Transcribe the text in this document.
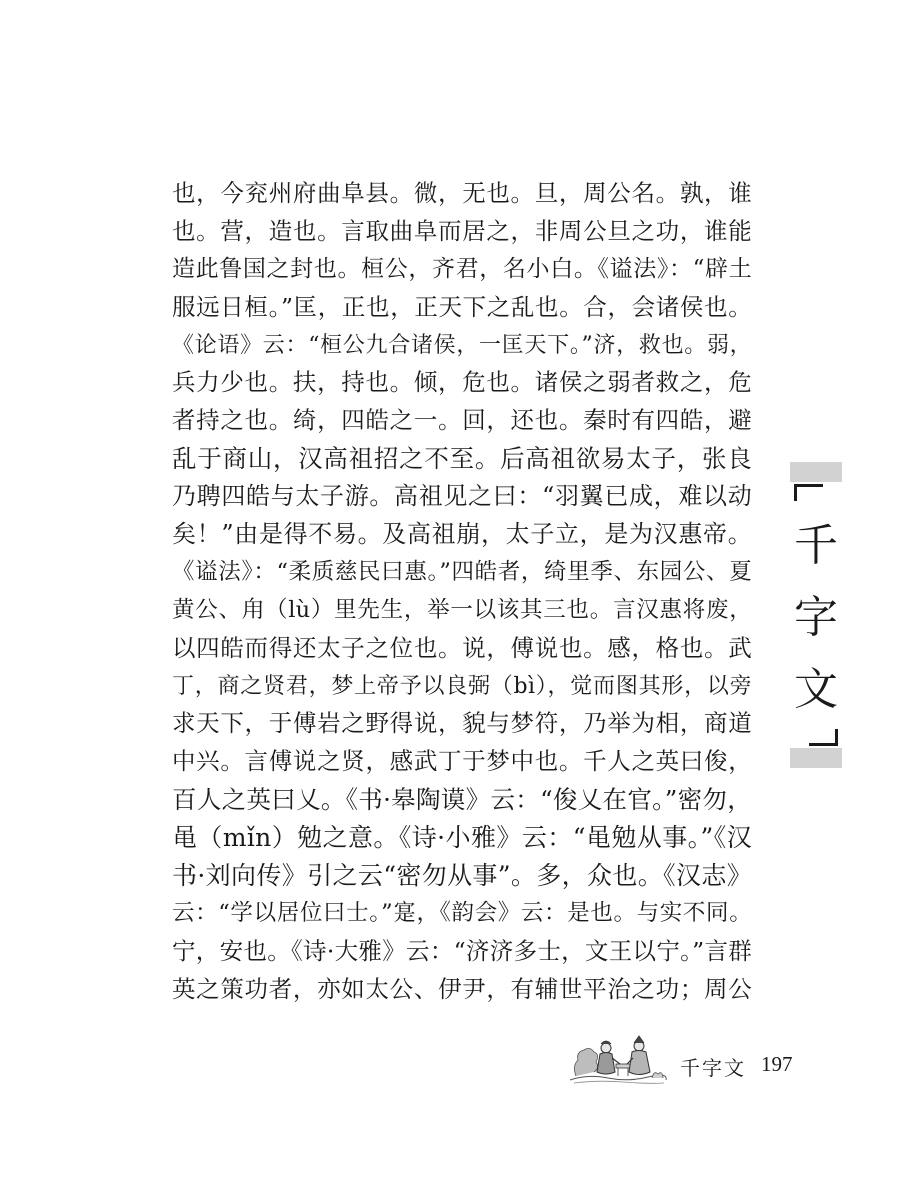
也，今兖州府曲阜县。微，无也。旦，周公名。孰，谁
也。营，造也。言取曲阜而居之，非周公旦之功，谁能
造此鲁国之封也。桓公，齐君，名小白。《谥法》：“辟土
服远日桓。”匡，正也，正天下之乱也。合，会诸侯也。
《论语》云：“桓公九合诸侯，一匡天下。”济，救也。弱，
兵力少也。扶，持也。倾，危也。诸侯之弱者救之，危
者持之也。绮，四皓之一。回，还也。秦时有四皓，避
乱于商山，汉高祖招之不至。后高祖欲易太子，张良
乃聘四皓与太子游。高祖见之曰：“羽翼已成，难以动
矣！”由是得不易。及高祖崩，太子立，是为汉惠帝。
《谥法》：“柔质慈民曰惠。”四皓者，绮里季、东园公、夏
黄公、甪（lù）里先生，举一以该其三也。言汉惠将废，
以四皓而得还太子之位也。说，傅说也。感，格也。武
丁，商之贤君，梦上帝予以良弼（bì），觉而图其形，以旁
求天下，于傅岩之野得说，貌与梦符，乃举为相，商道
中兴。言傅说之贤，感武丁于梦中也。千人之英曰俊，
百人之英曰乂。《书·皋陶谟》云：“俊乂在官。”密勿，
黾（mǐn）勉之意。《诗·小雅》云：“黾勉从事。”《汉
书·刘向传》引之云“密勿从事”。多，众也。《汉志》
云：“学以居位曰士。”寔，《韵会》云：是也。与实不同。
宁，安也。《诗·大雅》云：“济济多士，文王以宁。”言群
英之策功者，亦如太公、伊尹，有辅世平治之功；周公
千
字
文
千字文 197
